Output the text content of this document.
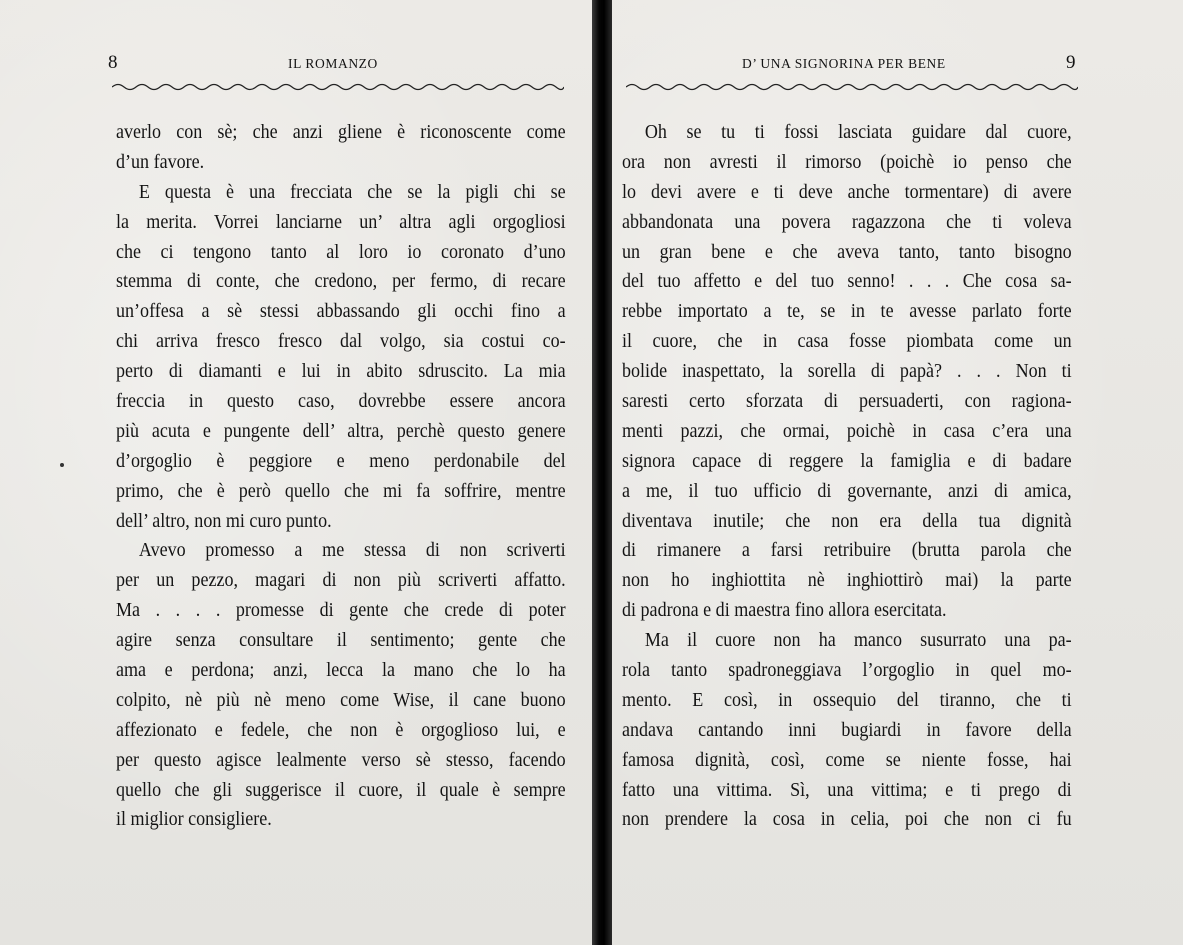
8	IL ROMANZO
averlo con sè; che anzi gliene è riconoscente come
d’un favore.
E questa è una frecciata che se la pigli chi se
la merita. Vorrei lanciarne un’ altra agli orgogliosi
che ci tengono tanto al loro io coronato d’uno
stemma di conte, che credono, per fermo, di recare
un’offesa a sè stessi abbassando gli occhi fino a
chi arriva fresco fresco dal volgo, sia costui co-
perto di diamanti e lui in abito sdruscito. La mia
freccia in questo caso, dovrebbe essere ancora
più acuta e pungente dell’ altra, perchè questo genere
d’orgoglio è peggiore e meno perdonabile del
primo, che è però quello che mi fa soffrire, mentre
dell’ altro, non mi curo punto.
Avevo promesso a me stessa di non scriverti
per un pezzo, magari di non più scriverti affatto.
Ma . . . . promesse di gente che crede di poter
agire senza consultare il sentimento; gente che
ama e perdona; anzi, lecca la mano che lo ha
colpito, nè più nè meno come Wise, il cane buono
affezionato e fedele, che non è orgoglioso lui, e
per questo agisce lealmente verso sè stesso, facendo
quello che gli suggerisce il cuore, il quale è sempre
il miglior consigliere.
D’ UNA SIGNORINA PER BENE	9
Oh se tu ti fossi lasciata guidare dal cuore,
ora non avresti il rimorso (poichè io penso che
lo devi avere e ti deve anche tormentare) di avere
abbandonata una povera ragazzona che ti voleva
un gran bene e che aveva tanto, tanto bisogno
del tuo affetto e del tuo senno! . . . Che cosa sa-
rebbe importato a te, se in te avesse parlato forte
il cuore, che in casa fosse piombata come un
bolide inaspettato, la sorella di papà? . . . Non ti
saresti certo sforzata di persuaderti, con ragiona-
menti pazzi, che ormai, poichè in casa c’era una
signora capace di reggere la famiglia e di badare
a me, il tuo ufficio di governante, anzi di amica,
diventava inutile; che non era della tua dignità
di rimanere a farsi retribuire (brutta parola che
non ho inghiottita nè inghiottirò mai) la parte
di padrona e di maestra fino allora esercitata.
Ma il cuore non ha manco susurrato una pa-
rola tanto spadroneggiava l’orgoglio in quel mo-
mento. E così, in ossequio del tiranno, che ti
andava cantando inni bugiardi in favore della
famosa dignità, così, come se niente fosse, hai
fatto una vittima. Sì, una vittima; e ti prego di
non prendere la cosa in celia, poi che non ci fu
